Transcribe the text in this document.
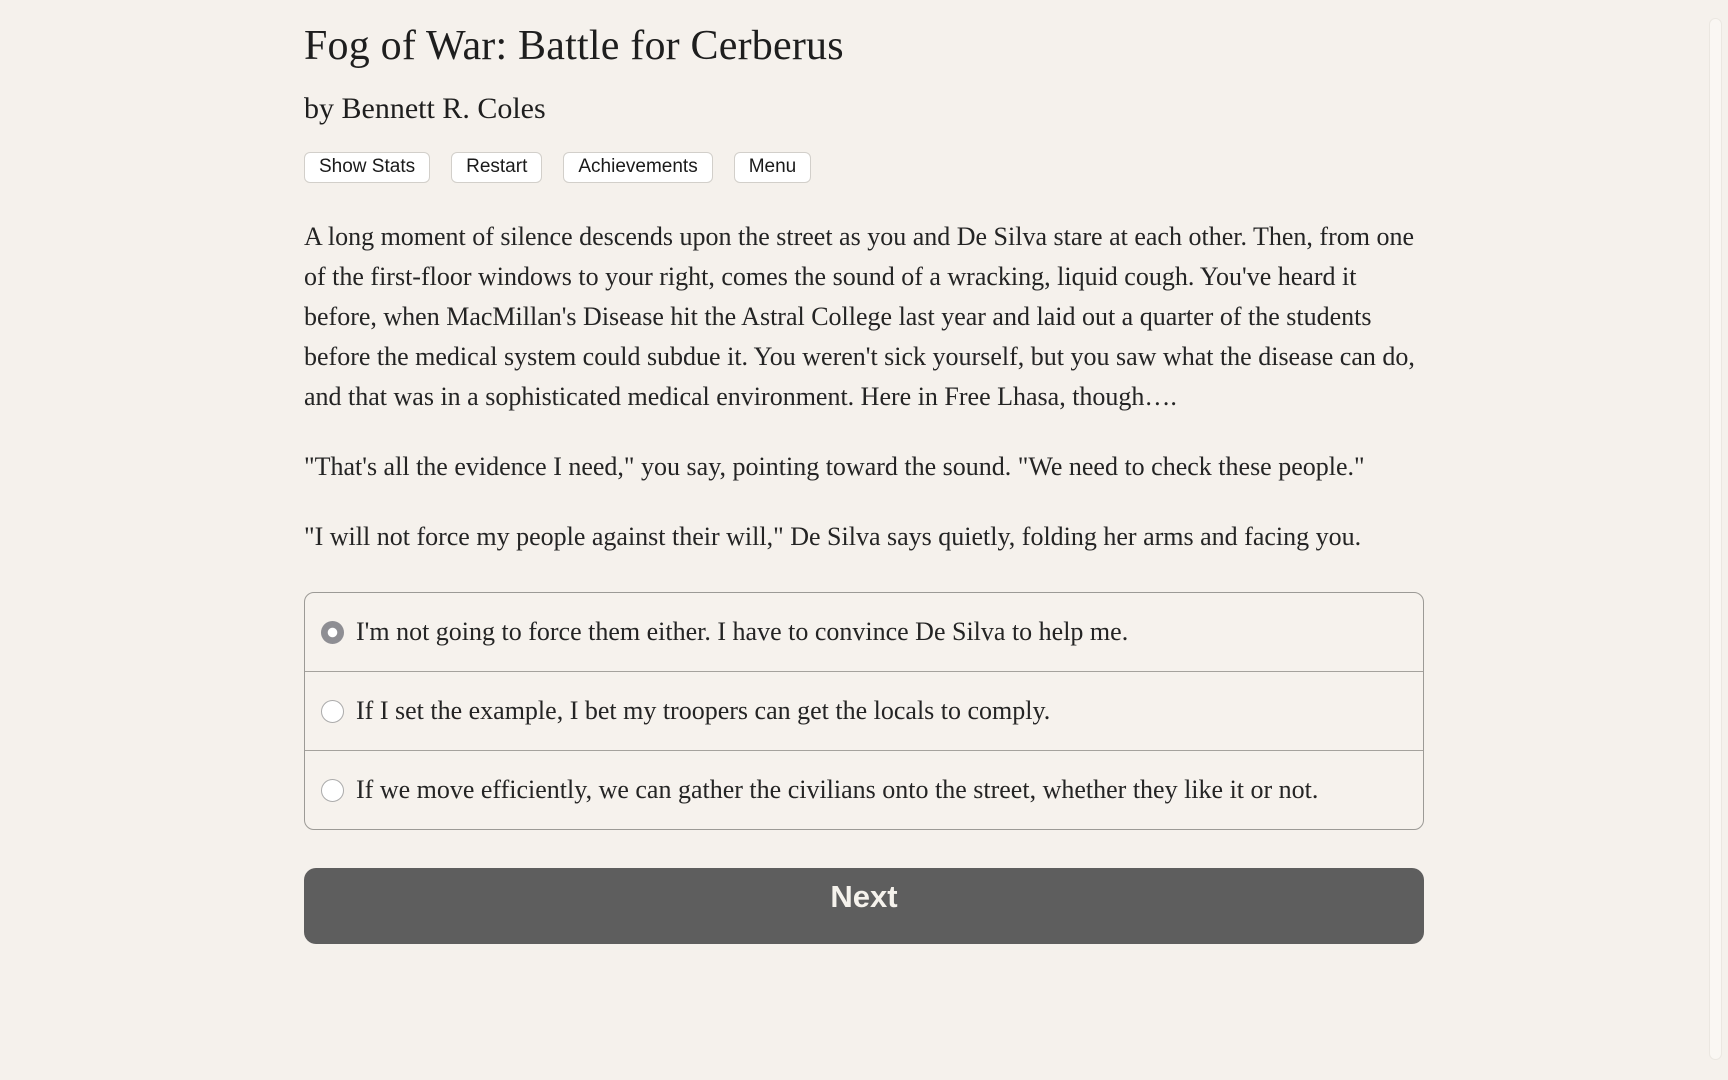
Fog of War: Battle for Cerberus
by Bennett R. Coles
Show Stats	Restart	Achievements	Menu

A long moment of silence descends upon the street as you and De Silva stare at each other. Then, from one of the first-floor windows to your right, comes the sound of a wracking, liquid cough. You've heard it before, when MacMillan's Disease hit the Astral College last year and laid out a quarter of the students before the medical system could subdue it. You weren't sick yourself, but you saw what the disease can do, and that was in a sophisticated medical environment. Here in Free Lhasa, though….

"That's all the evidence I need," you say, pointing toward the sound. "We need to check these people."

"I will not force my people against their will," De Silva says quietly, folding her arms and facing you.

I'm not going to force them either. I have to convince De Silva to help me.
If I set the example, I bet my troopers can get the locals to comply.
If we move efficiently, we can gather the civilians onto the street, whether they like it or not.
Next
